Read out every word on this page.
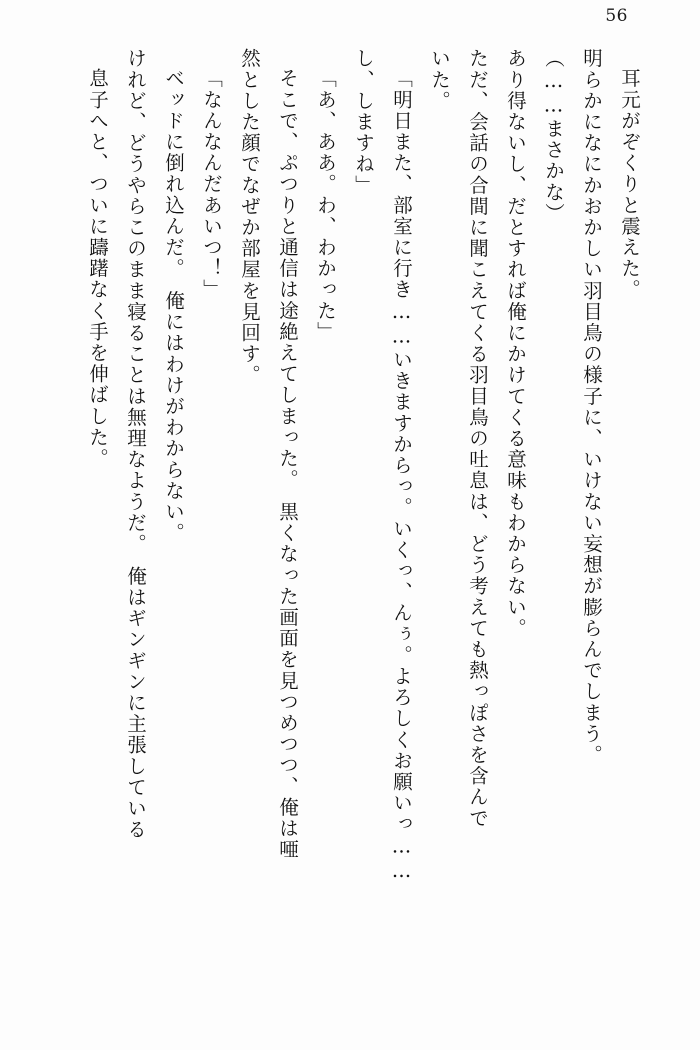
56
耳元がぞくりと震えた。
明らかになにかおかしい羽目鳥の様子に、いけない妄想が膨らんでしまう。
（……まさかな）
あり得ないし、だとすれば俺にかけてくる意味もわからない。
ただ、会話の合間に聞こえてくる羽目鳥の吐息は、どう考えても熱っぽさを含んで
いた。
「明日また、部室に行き……いきますからっ。いくっ、んぅ。よろしくお願いっ……
し、しますね」
「あ、ああ。わ、わかった」
そこで、ぷつりと通信は途絶えてしまった。　黒くなった画面を見つめつつ、俺は唖
然とした顔でなぜか部屋を見回す。
「なんなんだあいつ！」
ベッドに倒れ込んだ。　俺にはわけがわからない。
けれど、どうやらこのまま寝ることは無理なようだ。　俺はギンギンに主張している
息子へと、ついに躊躇なく手を伸ばした。
